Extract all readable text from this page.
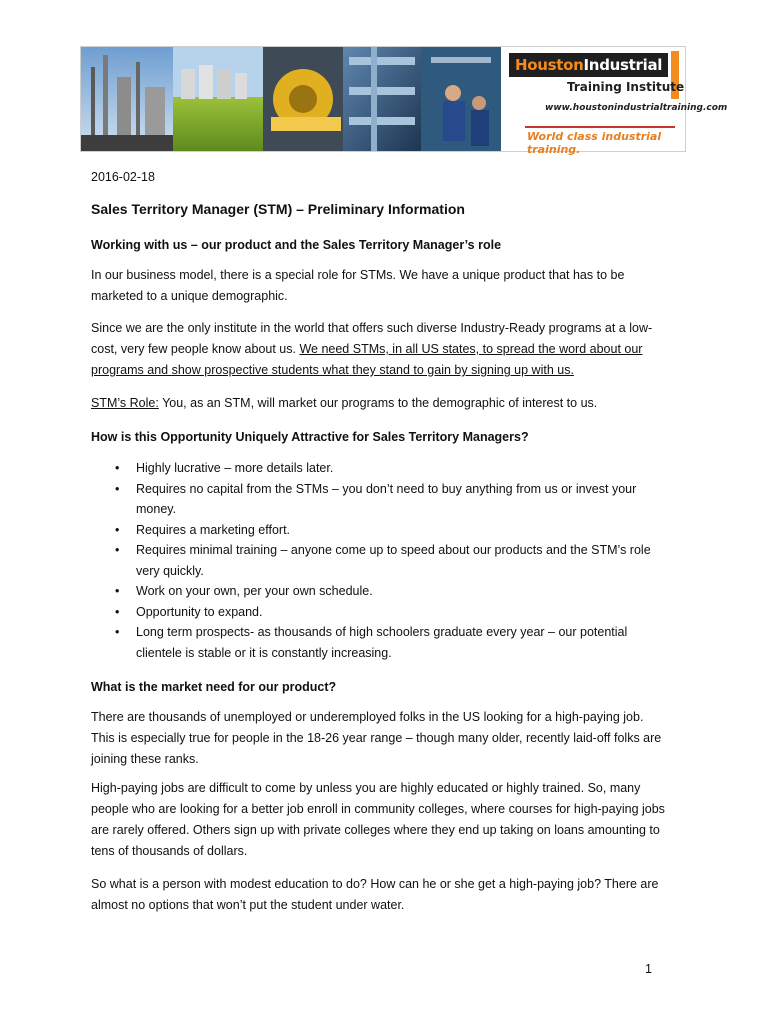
HoustonIndustrial
Training Institute
www.houstonindustrialtraining.com
World class industrial training.
2016-02-18
Sales Territory Manager (STM) – Preliminary Information
Working with us – our product and the Sales Territory Manager’s role

In our business model, there is a special role for STMs. We have a unique product that has to be marketed to a unique demographic.

Since we are the only institute in the world that offers such diverse Industry-Ready programs at a low-cost, very few people know about us. We need STMs, in all US states, to spread the word about our programs and show prospective students what they stand to gain by signing up with us.

STM’s Role: You, as an STM, will market our programs to the demographic of interest to us.

How is this Opportunity Uniquely Attractive for Sales Territory Managers?
• Highly lucrative – more details later.
• Requires no capital from the STMs – you don’t need to buy anything from us or invest your money.
• Requires a marketing effort.
• Requires minimal training – anyone come up to speed about our products and the STM’s role very quickly.
• Work on your own, per your own schedule.
• Opportunity to expand.
• Long term prospects- as thousands of high schoolers graduate every year – our potential clientele is stable or it is constantly increasing.
What is the market need for our product?

There are thousands of unemployed or underemployed folks in the US looking for a high-paying job. This is especially true for people in the 18-26 year range – though many older, recently laid-off folks are joining these ranks.

High-paying jobs are difficult to come by unless you are highly educated or highly trained. So, many people who are looking for a better job enroll in community colleges, where courses for high-paying jobs are rarely offered. Others sign up with private colleges where they end up taking on loans amounting to tens of thousands of dollars.

So what is a person with modest education to do? How can he or she get a high-paying job? There are almost no options that won’t put the student under water.

1
